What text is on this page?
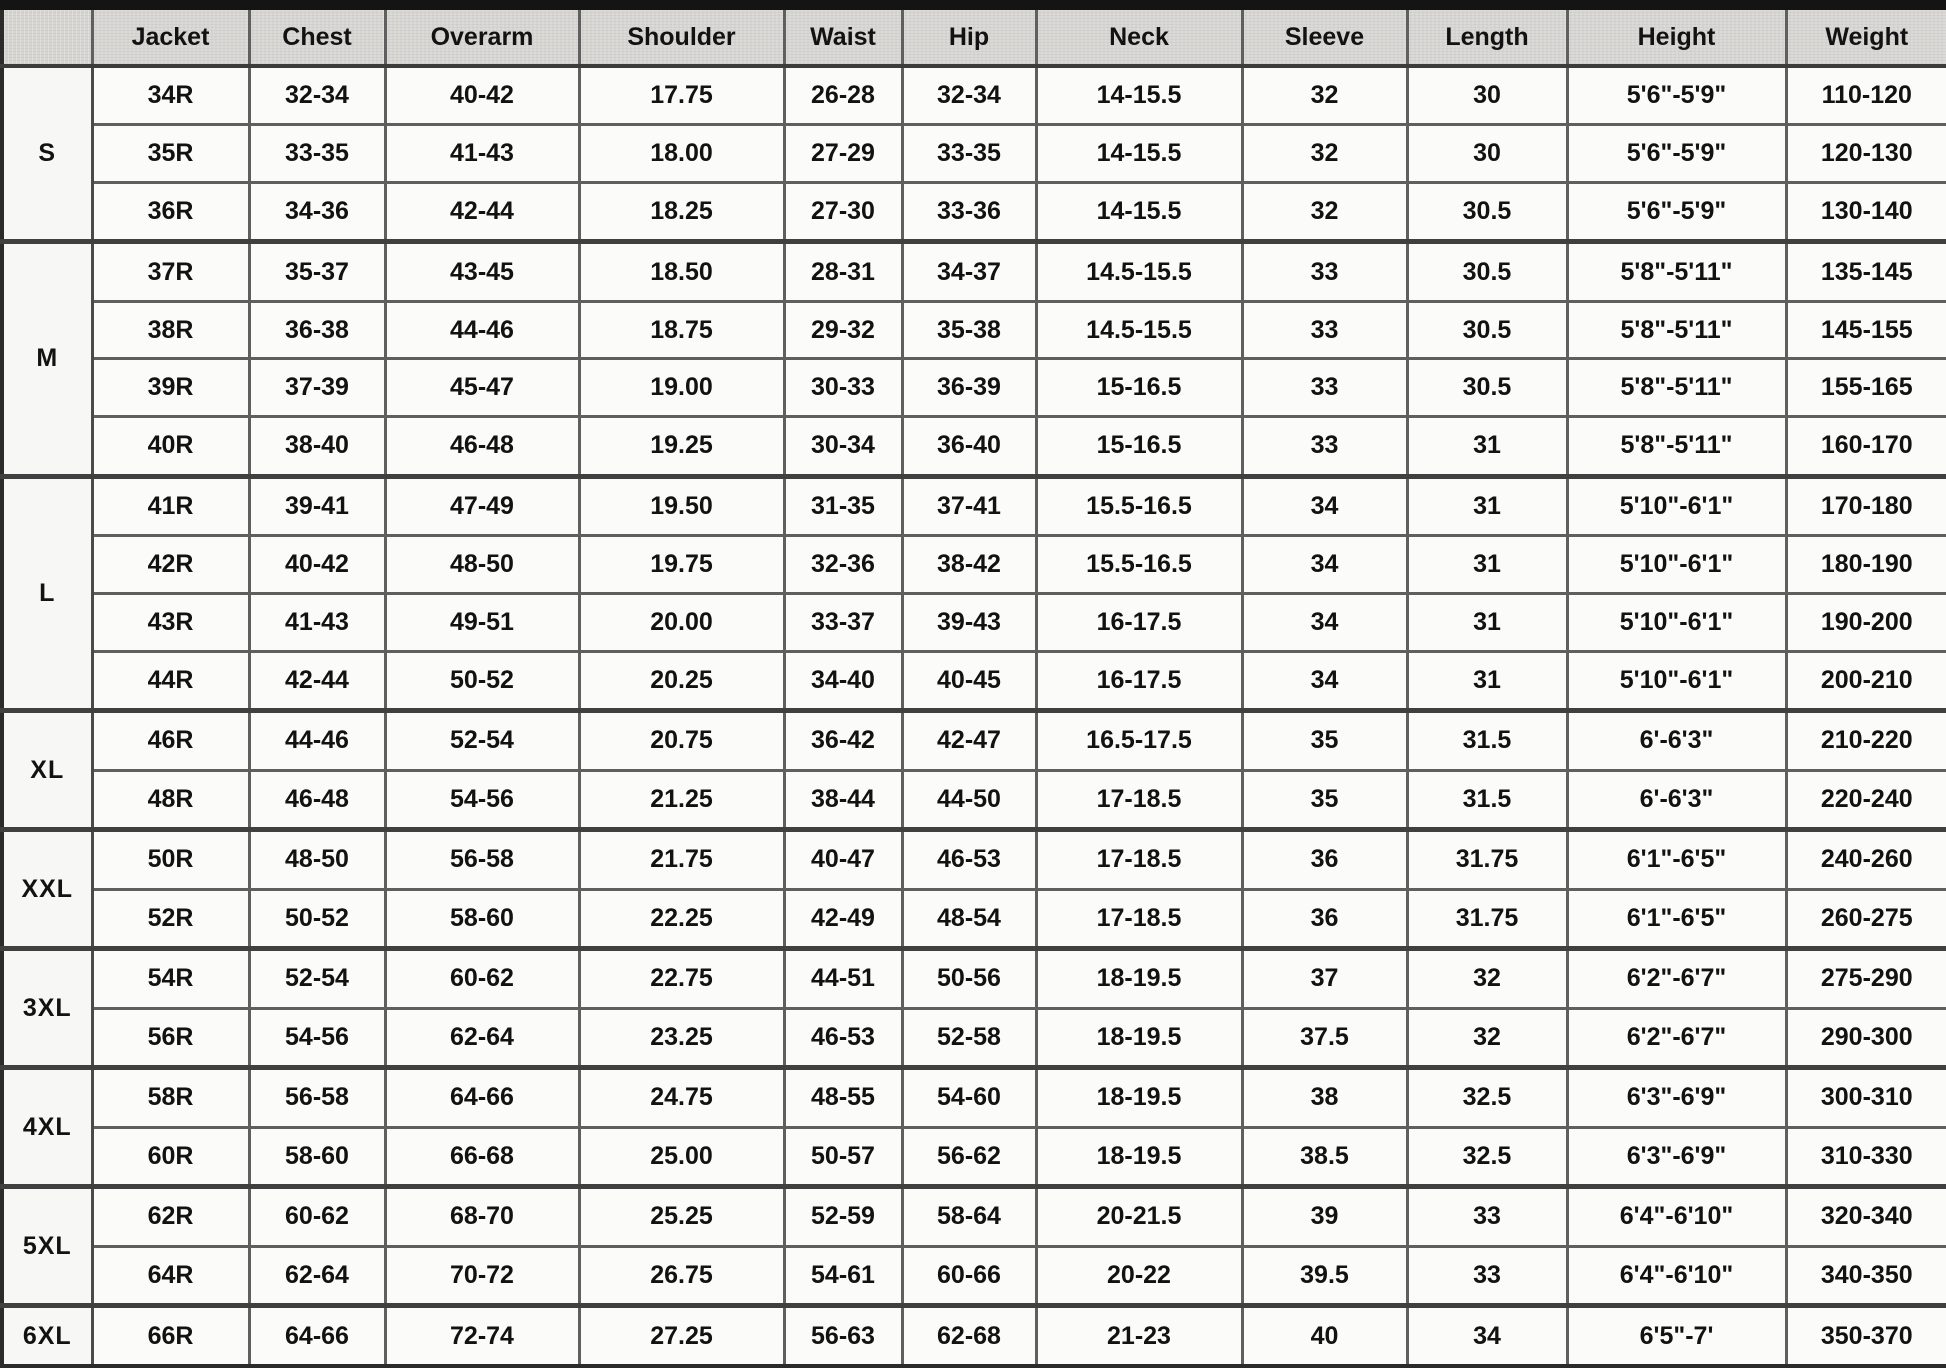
	Jacket	Chest	Overarm	Shoulder	Waist	Hip	Neck	Sleeve	Length	Height	Weight
S	34R	32-34	40-42	17.75	26-28	32-34	14-15.5	32	30	5'6"-5'9"	110-120
	35R	33-35	41-43	18.00	27-29	33-35	14-15.5	32	30	5'6"-5'9"	120-130
	36R	34-36	42-44	18.25	27-30	33-36	14-15.5	32	30.5	5'6"-5'9"	130-140
M	37R	35-37	43-45	18.50	28-31	34-37	14.5-15.5	33	30.5	5'8"-5'11"	135-145
	38R	36-38	44-46	18.75	29-32	35-38	14.5-15.5	33	30.5	5'8"-5'11"	145-155
	39R	37-39	45-47	19.00	30-33	36-39	15-16.5	33	30.5	5'8"-5'11"	155-165
	40R	38-40	46-48	19.25	30-34	36-40	15-16.5	33	31	5'8"-5'11"	160-170
L	41R	39-41	47-49	19.50	31-35	37-41	15.5-16.5	34	31	5'10"-6'1"	170-180
	42R	40-42	48-50	19.75	32-36	38-42	15.5-16.5	34	31	5'10"-6'1"	180-190
	43R	41-43	49-51	20.00	33-37	39-43	16-17.5	34	31	5'10"-6'1"	190-200
	44R	42-44	50-52	20.25	34-40	40-45	16-17.5	34	31	5'10"-6'1"	200-210
XL	46R	44-46	52-54	20.75	36-42	42-47	16.5-17.5	35	31.5	6'-6'3"	210-220
	48R	46-48	54-56	21.25	38-44	44-50	17-18.5	35	31.5	6'-6'3"	220-240
XXL	50R	48-50	56-58	21.75	40-47	46-53	17-18.5	36	31.75	6'1"-6'5"	240-260
	52R	50-52	58-60	22.25	42-49	48-54	17-18.5	36	31.75	6'1"-6'5"	260-275
3XL	54R	52-54	60-62	22.75	44-51	50-56	18-19.5	37	32	6'2"-6'7"	275-290
	56R	54-56	62-64	23.25	46-53	52-58	18-19.5	37.5	32	6'2"-6'7"	290-300
4XL	58R	56-58	64-66	24.75	48-55	54-60	18-19.5	38	32.5	6'3"-6'9"	300-310
	60R	58-60	66-68	25.00	50-57	56-62	18-19.5	38.5	32.5	6'3"-6'9"	310-330
5XL	62R	60-62	68-70	25.25	52-59	58-64	20-21.5	39	33	6'4"-6'10"	320-340
	64R	62-64	70-72	26.75	54-61	60-66	20-22	39.5	33	6'4"-6'10"	340-350
6XL	66R	64-66	72-74	27.25	56-63	62-68	21-23	40	34	6'5"-7'	350-370
